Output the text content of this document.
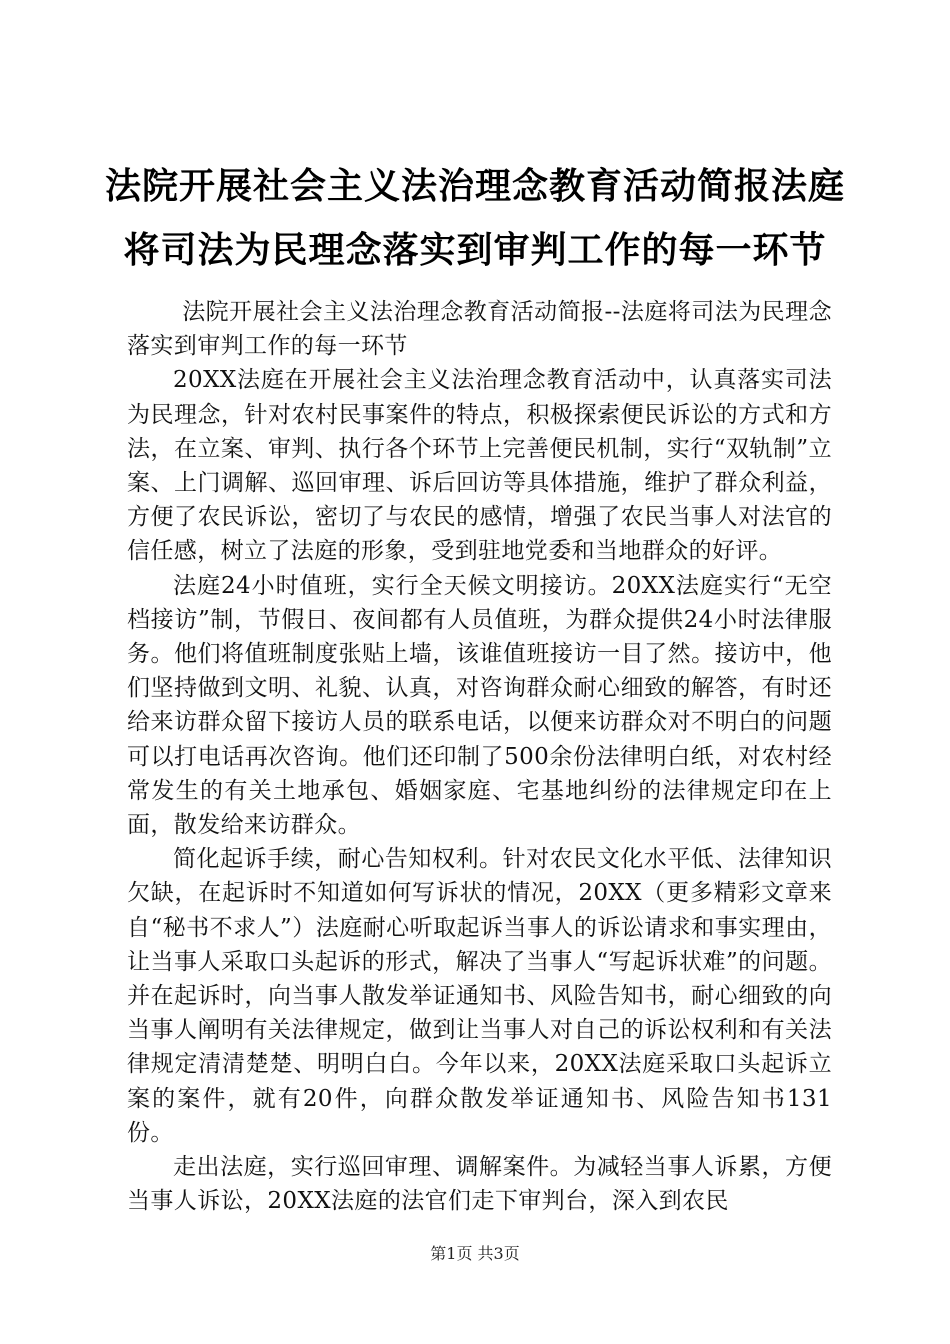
法院开展社会主义法治理念教育活动简报法庭
将司法为民理念落实到审判工作的每一环节

法院开展社会主义法治理念教育活动简报--法庭将司法为民理念落实到审判工作的每一环节

20XX法庭在开展社会主义法治理念教育活动中，认真落实司法为民理念，针对农村民事案件的特点，积极探索便民诉讼的方式和方法，在立案、审判、执行各个环节上完善便民机制，实行“双轨制”立案、上门调解、巡回审理、诉后回访等具体措施，维护了群众利益，方便了农民诉讼，密切了与农民的感情，增强了农民当事人对法官的信任感，树立了法庭的形象，受到驻地党委和当地群众的好评。

法庭24小时值班，实行全天候文明接访。20XX法庭实行“无空档接访”制，节假日、夜间都有人员值班，为群众提供24小时法律服务。他们将值班制度张贴上墙，该谁值班接访一目了然。接访中，他们坚持做到文明、礼貌、认真，对咨询群众耐心细致的解答，有时还给来访群众留下接访人员的联系电话，以便来访群众对不明白的问题可以打电话再次咨询。他们还印制了500余份法律明白纸，对农村经常发生的有关土地承包、婚姻家庭、宅基地纠纷的法律规定印在上面，散发给来访群众。

简化起诉手续，耐心告知权利。针对农民文化水平低、法律知识欠缺，在起诉时不知道如何写诉状的情况，20XX（更多精彩文章来自“秘书不求人”）法庭耐心听取起诉当事人的诉讼请求和事实理由，让当事人采取口头起诉的形式，解决了当事人“写起诉状难”的问题。并在起诉时，向当事人散发举证通知书、风险告知书，耐心细致的向当事人阐明有关法律规定，做到让当事人对自己的诉讼权利和有关法律规定清清楚楚、明明白白。今年以来，20XX法庭采取口头起诉立案的案件，就有20件，向群众散发举证通知书、风险告知书131份。

走出法庭，实行巡回审理、调解案件。为减轻当事人诉累，方便当事人诉讼，20XX法庭的法官们走下审判台，深入到农民

第1页 共3页
